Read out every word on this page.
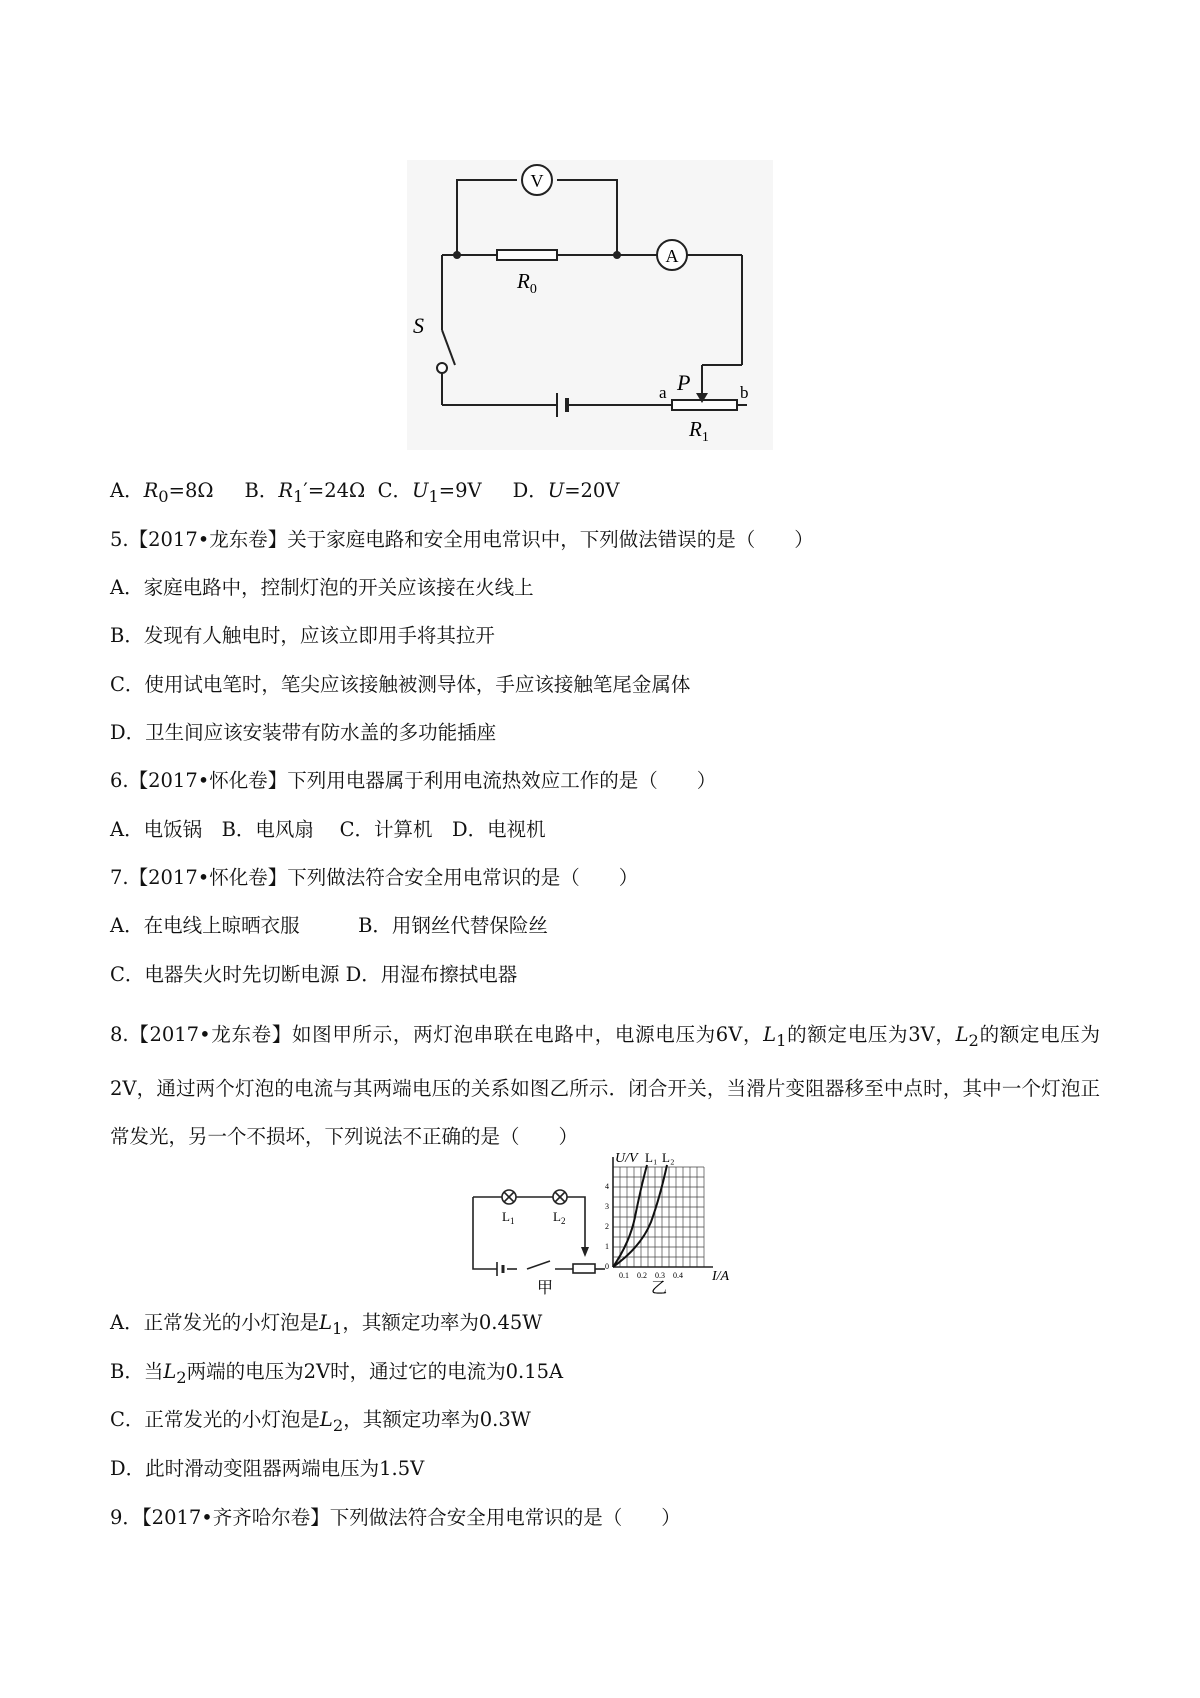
V
$R_0$
A
S
P
a	b
$R_1$
A．$R_0=8\Omega$ B．$R_1'=24\Omega$ C．$U_1=9V$ D．U=20V
5.【2017•龙东卷】关于家庭电路和安全用电常识中，下列做法错误的是（　　）
A．家庭电路中，控制灯泡的开关应该接在火线上
B．发现有人触电时，应该立即用手将其拉开
C．使用试电笔时，笔尖应该接触被测导体，手应该接触笔尾金属体
D．卫生间应该安装带有防水盖的多功能插座
6.【2017•怀化卷】下列用电器属于利用电流热效应工作的是（　　）
A．电饭锅　B．电风扇　 C．计算机　D．电视机
7.【2017•怀化卷】下列做法符合安全用电常识的是（　　）
A．在电线上晾晒衣服　　　B．用钢丝代替保险丝
C．电器失火时先切断电源 D．用湿布擦拭电器
8.【2017•龙东卷】如图甲所示，两灯泡串联在电路中，电源电压为6V，$L_1$的额定电压为3V，$L_2$的额定电压为2V，通过两个灯泡的电流与其两端电压的关系如图乙所示．闭合开关，当滑片变阻器移至中点时，其中一个灯泡正常发光，另一个不损坏，下列说法不正确的是（　　）
$L_1$	$L_2$
甲
U/V L₁ L₂
4
3
2
1
0
0.1 0.2 0.3 0.4 I/A
乙
A．正常发光的小灯泡是$L_1$，其额定功率为0.45W
B．当$L_2$两端的电压为2V时，通过它的电流为0.15A
C．正常发光的小灯泡是$L_2$，其额定功率为0.3W
D．此时滑动变阻器两端电压为1.5V
9．【2017•齐齐哈尔卷】下列做法符合安全用电常识的是（　　）
